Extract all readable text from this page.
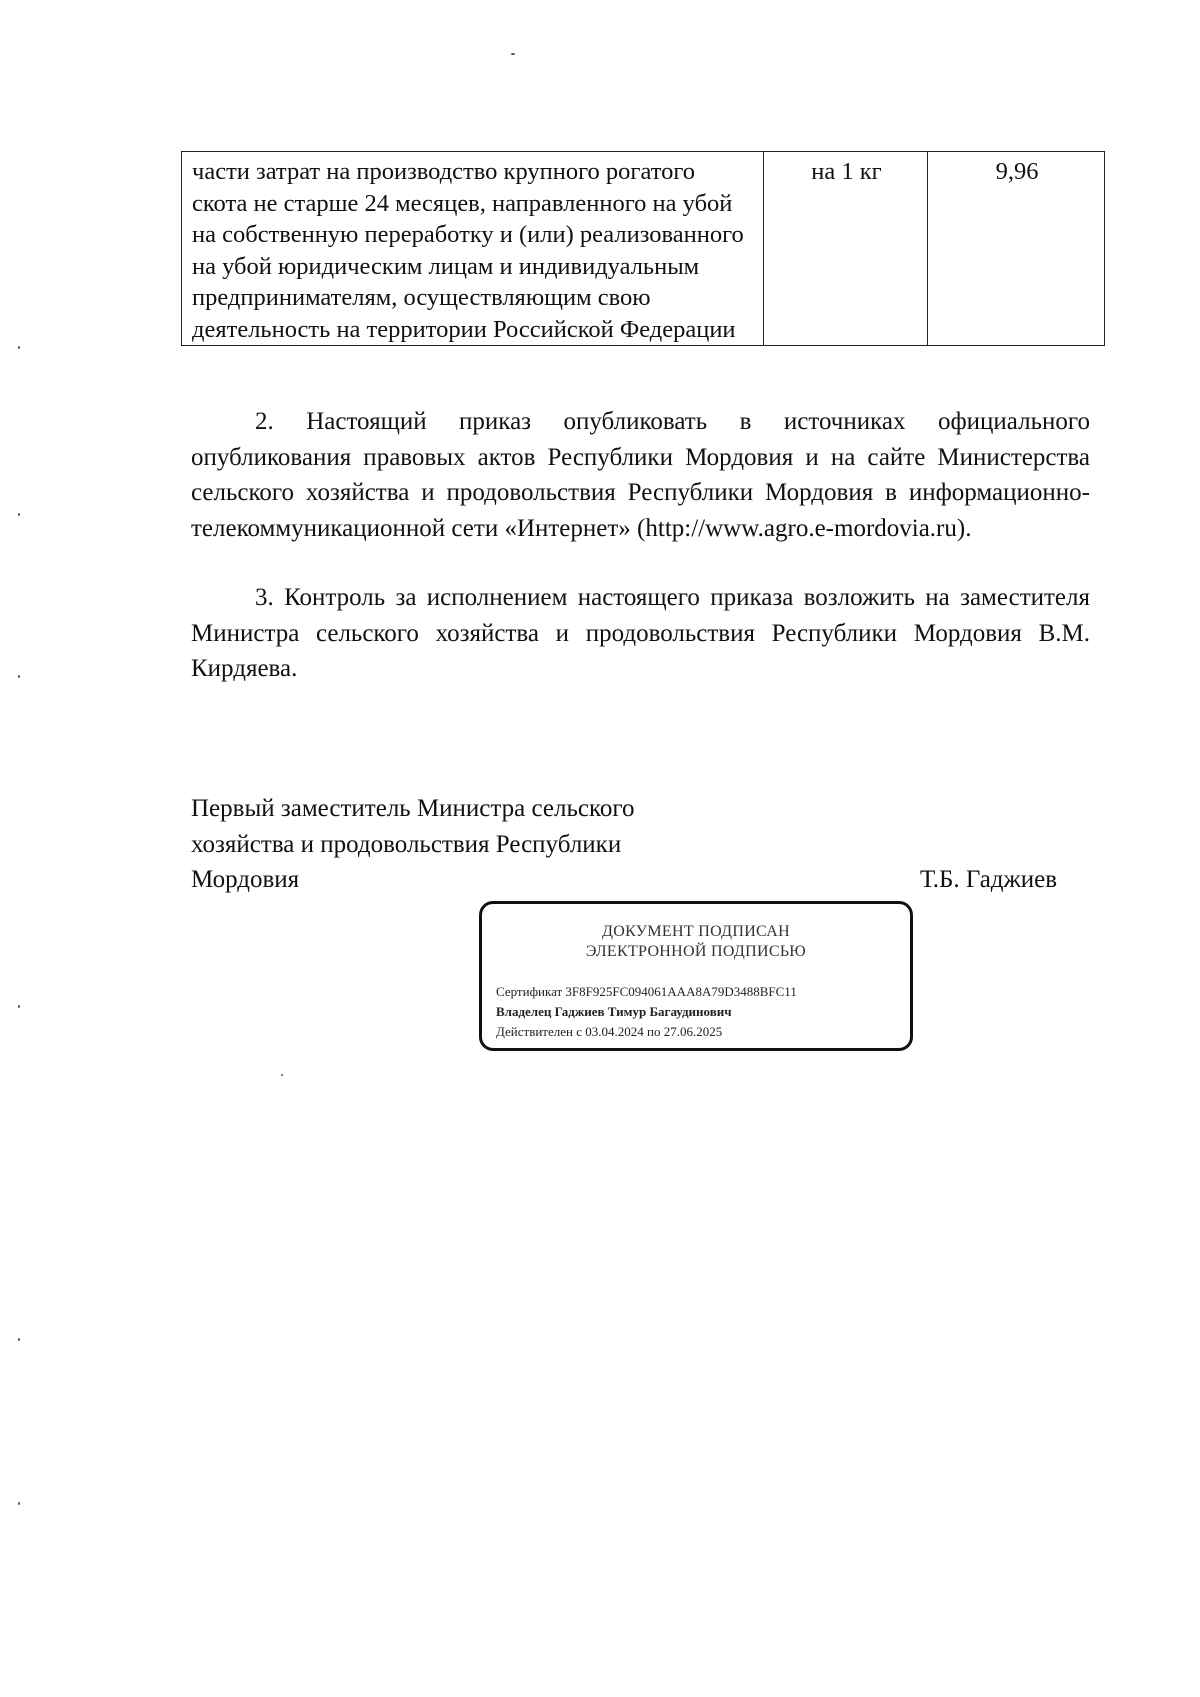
части затрат на производство крупного рогатого скота не старше 24 месяцев, направленного на убой на собственную переработку и (или) реализованного на убой юридическим лицам и индивидуальным предпринимателям, осуществляющим свою деятельность на территории Российской Федерации	на 1 кг	9,96

2. Настоящий приказ опубликовать в источниках официального опубликования правовых актов Республики Мордовия и на сайте Министерства сельского хозяйства и продовольствия Республики Мордовия в информационно-телекоммуникационной сети «Интернет» (http://www.agro.e-mordovia.ru).

3. Контроль за исполнением настоящего приказа возложить на заместителя Министра сельского хозяйства и продовольствия Республики Мордовия В.М. Кирдяева.

Первый заместитель Министра сельского
хозяйства и продовольствия Республики
Мордовия	Т.Б. Гаджиев

ДОКУМЕНТ ПОДПИСАН
ЭЛЕКТРОННОЙ ПОДПИСЬЮ
Сертификат 3F8F925FC094061AAA8A79D3488BFC11
Владелец Гаджиев Тимур Багаудинович
Действителен с 03.04.2024 по 27.06.2025
